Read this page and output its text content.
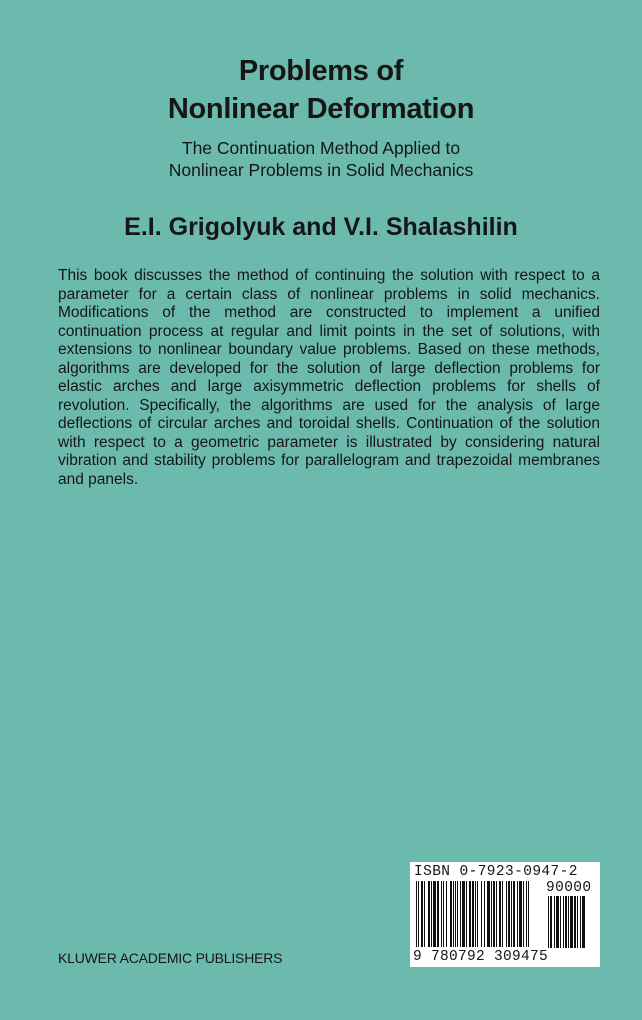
Problems of
Nonlinear Deformation
The Continuation Method Applied to
Nonlinear Problems in Solid Mechanics
E.I. Grigolyuk and V.I. Shalashilin

This book discusses the method of continuing the solution with respect to a parameter for a certain class of nonlinear problems in solid mechanics. Modifications of the method are constructed to implement a unified continuation process at regular and limit points in the set of solutions, with extensions to nonlinear boundary value problems. Based on these methods, algorithms are developed for the solution of large deflection problems for elastic arches and large axisymmetric deflection problems for shells of revolution. Specifically, the algorithms are used for the analysis of large deflections of circular arches and toroidal shells. Continuation of the solution with respect to a geometric parameter is illustrated by considering natural vibration and stability problems for parallelogram and trapezoidal membranes and panels.

KLUWER ACADEMIC PUBLISHERS
ISBN 0-7923-0947-2
90000
9 780792 309475
